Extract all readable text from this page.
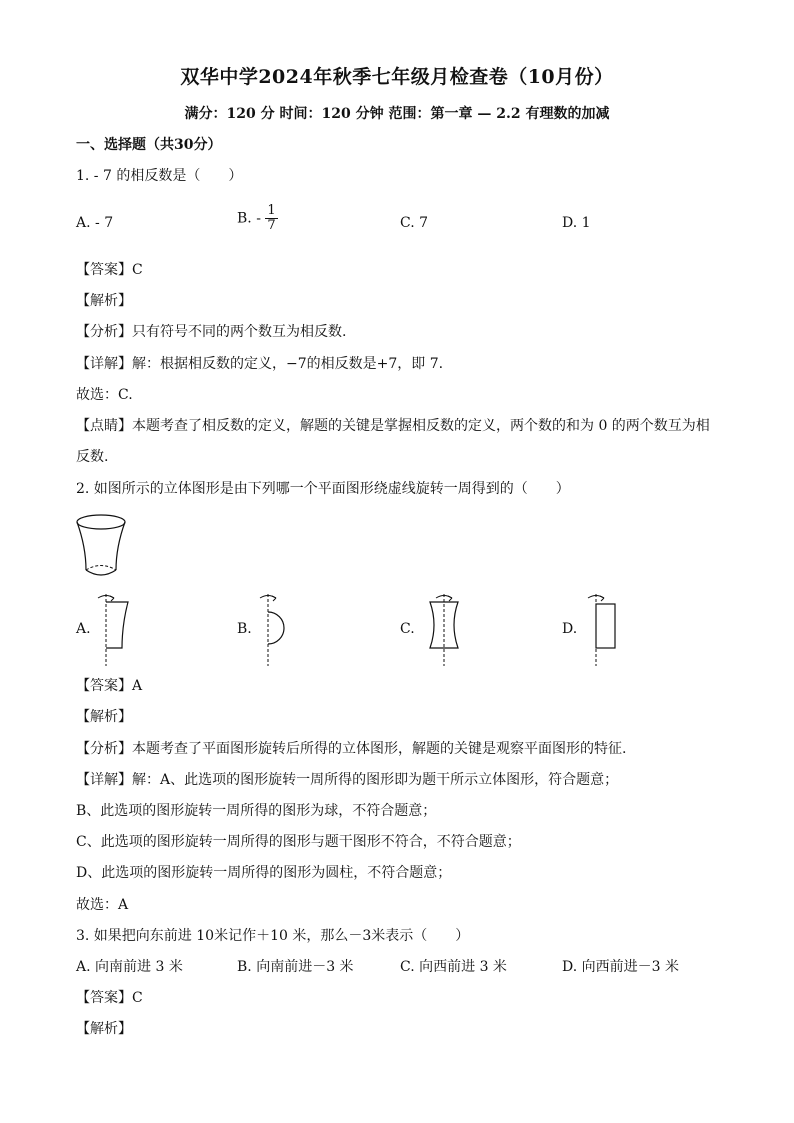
双华中学2024年秋季七年级月检查卷（10月份）
满分：120 分 时间：120 分钟 范围：第一章 — 2.2 有理数的加减
一、选择题（共30分）
1. - 7 的相反数是（　　）
A. - 7	B. - $\frac{1}{7}$	C. 7	D. 1
【答案】C
【解析】
【分析】只有符号不同的两个数互为相反数.
【详解】解：根据相反数的定义，−7的相反数是+7，即 7.
故选：C.
【点睛】本题考查了相反数的定义，解题的关键是掌握相反数的定义，两个数的和为 0 的两个数互为相
反数.
2. 如图所示的立体图形是由下列哪一个平面图形绕虚线旋转一周得到的（　　）
A.	B.	C.	D.
【答案】A
【解析】
【分析】本题考查了平面图形旋转后所得的立体图形，解题的关键是观察平面图形的特征.
【详解】解：A、此选项的图形旋转一周所得的图形即为题干所示立体图形，符合题意；
B、此选项的图形旋转一周所得的图形为球，不符合题意；
C、此选项的图形旋转一周所得的图形与题干图形不符合，不符合题意；
D、此选项的图形旋转一周所得的图形为圆柱，不符合题意；
故选：A
3. 如果把向东前进 10米记作＋10 米，那么－3米表示（　　）
A. 向南前进 3 米	B. 向南前进－3 米	C. 向西前进 3 米	D. 向西前进－3 米
【答案】C
【解析】
